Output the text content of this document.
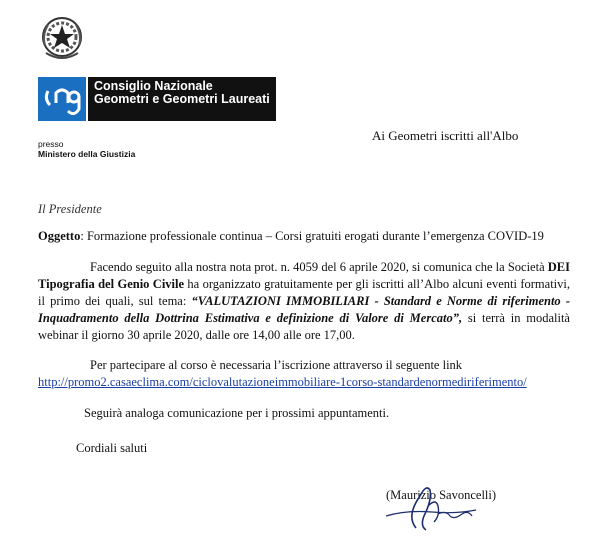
Consiglio Nazionale
Geometri e Geometri Laureati
Ai Geometri iscritti all'Albo
presso
Ministero della Giustizia
Il Presidente
Oggetto: Formazione professionale continua – Corsi gratuiti erogati durante l’emergenza COVID-19
Facendo seguito alla nostra nota prot. n. 4059 del 6 aprile 2020, si comunica che la Società DEI Tipografia del Genio Civile ha organizzato gratuitamente per gli iscritti all’Albo alcuni eventi formativi, il primo dei quali, sul tema: “VALUTAZIONI IMMOBILIARI - Standard e Norme di riferimento - Inquadramento della Dottrina Estimativa e definizione di Valore di Mercato”, si terrà in modalità webinar il giorno 30 aprile 2020, dalle ore 14,00 alle ore 17,00.
Per partecipare al corso è necessaria l’iscrizione attraverso il seguente link
http://promo2.casaeclima.com/ciclovalutazioneimmobiliare-1corso-standardenormediriferimento/
Seguirà analoga comunicazione per i prossimi appuntamenti.
Cordiali saluti
(Maurizio Savoncelli)
